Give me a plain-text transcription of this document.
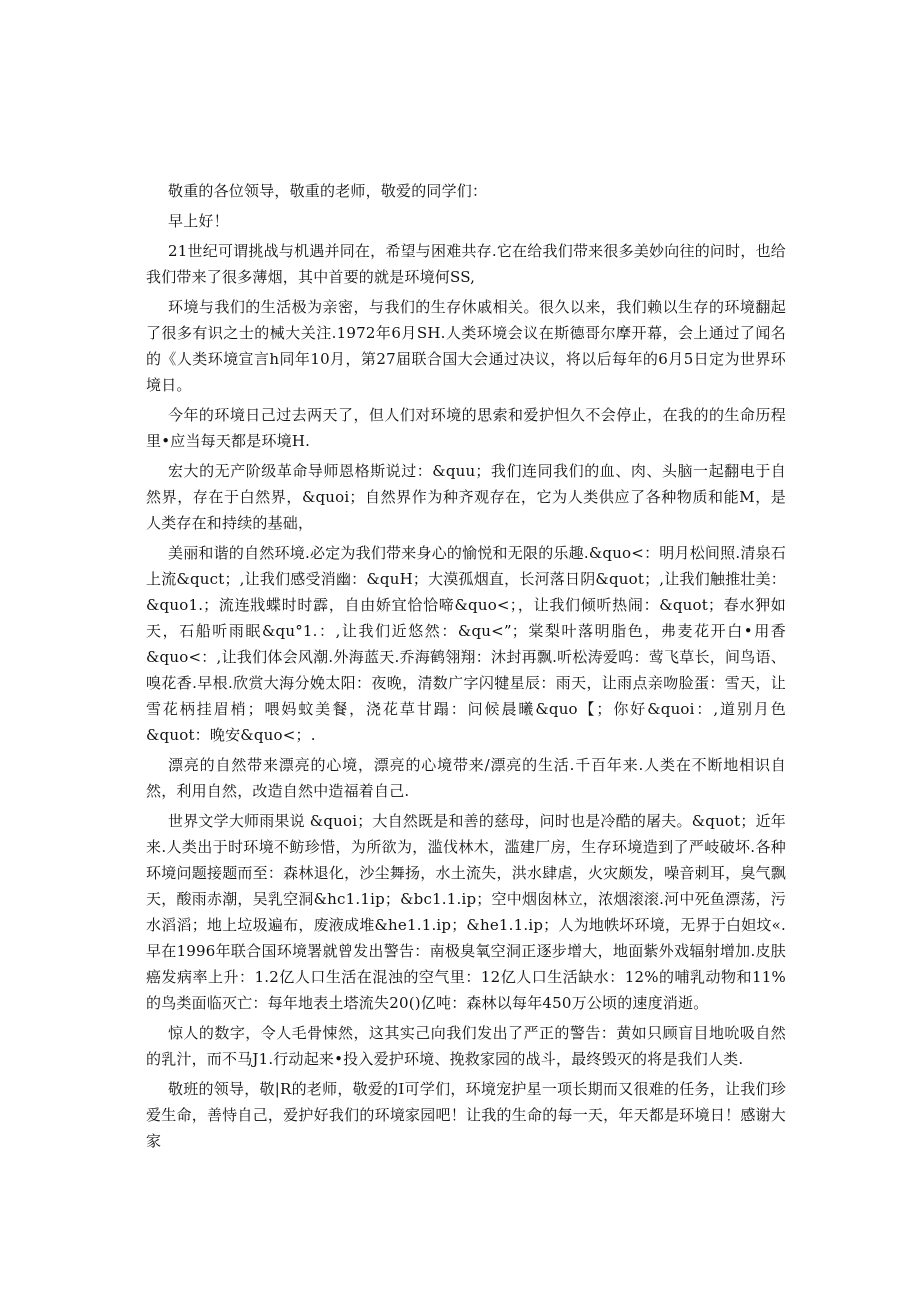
敬重的各位领导，敬重的老师，敬爱的同学们：

早上好！

21世纪可谓挑战与机遇并同在，希望与困难共存.它在给我们带来很多美妙向往的问时，也给我们带来了很多薄烟，其中首要的就是环境何SS,

环境与我们的生活极为亲密，与我们的生存休戚相关。很久以来，我们赖以生存的环境翻起了很多有识之士的械大关注.1972年6月SH.人类环境会议在斯德哥尔摩开幕，会上通过了闻名的《人类环境宣言h同年10月，第27届联合国大会通过决议，将以后每年的6月5日定为世界环境日。

今年的环境日己过去两天了，但人们对环境的思索和爱护怛久不会停止，在我的的生命历程里•应当每天都是环境H.

宏大的无产阶级革命导师恩格斯说过：&quu；我们连同我们的血、肉、头脑一起翻电于自然界，存在于白然界，&quoi；自然界作为种齐观存在，它为人类供应了各种物质和能M，是人类存在和持续的基础，

美丽和谐的自然环境.必定为我们带来身心的愉悦和无限的乐趣.&quo<：明月松间照.清泉石上流&quct；,让我们感受消幽：&quH；大漠孤烟直，长河落日阴&quot；,让我们触推壮美：&quo1.；流连戕蝶时时霹，自由娇宜恰恰啼&quo<；，让我们倾听热闹：&quot；春水狎如天，石船听雨眠&qu°1.：,让我们近悠然：&qu<”；棠梨叶落明脂色，弗麦花开白•用香&quo<：,让我们体会风潮.外海蓝天.乔海鹤翎翔：沐封再飘.听松涛爱呜：莺飞草长，间鸟语、嗅花香.早根.欣赏大海分娩太阳：夜晚，清数广字闪犍星辰：雨天，让雨点亲吻脸蛋：雪天，让雪花柄挂眉梢；喂妈蚊美餐，浇花草甘蹋：问候晨曦&quo【；你好&quoi：,道别月色&quot：晚安&quo<；.

漂亮的自然带来漂亮的心境，漂亮的心境带来/漂亮的生活.千百年来.人类在不断地相识自然，利用自然，改造自然中造福着自己.

世界文学大师雨果说 &quoi；大自然既是和善的慈母，问时也是冷酷的屠夫。&quot；近年来.人类出于时环境不鲂珍惜，为所欲为，滥伐林木，滥建厂房，生存环境造到了严岐破坏.各种环境问题接题而至：森林退化，沙尘舞扬，水土流失，洪水肆虐，火灾颇发，噪音刺耳，臭气飘天，酸雨赤潮，吴乳空洞&hc1.1ip；&bc1.1.ip；空中烟囱林立，浓烟滚滚.河中死鱼漂荡，污水滔滔；地上垃圾遍布，废液成堆&he1.1.ip；&he1.1.ip；人为地帙坏环境，无界于白妲坟«.早在1996年联合国环境署就曾发出警告：南极臭氧空洞正逐步增大，地面紫外戏辐射增加.皮肤癌发病率上升：1.2亿人口生活在混浊的空气里：12亿人口生活缺水：12%的哺乳动物和11%的鸟类面临灭亡：每年地表土塔流失20()亿吨：森林以每年450万公顷的速度消逝。

惊人的数字，令人毛骨悚然，这其实己向我们发出了严正的警告：黄如只顾盲目地吮吸自然的乳汁，而不马J1.行动起来•投入爱护环境、挽救家园的战斗，最终毁灭的将是我们人类.

敬班的领导，敬|R的老师，敬爱的I可学们，环境宠护星一项长期而又很难的任务，让我们珍爱生命，善恃自己，爱护好我们的环境家园吧！让我的生命的每一天，年天都是环境日！感谢大家
